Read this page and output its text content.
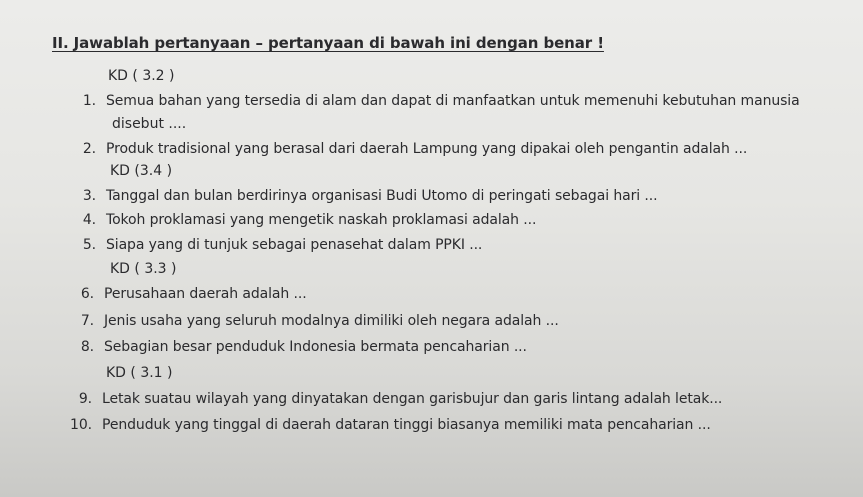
II. Jawablah pertanyaan – pertanyaan di bawah ini dengan benar !
KD ( 3.2 )
1. Semua bahan yang tersedia di alam dan dapat di manfaatkan untuk memenuhi kebutuhan manusia
disebut ....
2. Produk tradisional yang berasal dari daerah Lampung yang dipakai oleh pengantin adalah ...
KD (3.4 )
3. Tanggal dan bulan berdirinya organisasi Budi Utomo di peringati sebagai hari ...
4. Tokoh proklamasi yang mengetik naskah proklamasi adalah ...
5. Siapa yang di tunjuk sebagai penasehat dalam PPKI ...
KD ( 3.3 )
6. Perusahaan daerah adalah ...
7. Jenis usaha yang seluruh modalnya dimiliki oleh negara adalah ...
8. Sebagian besar penduduk Indonesia bermata pencaharian ...
KD ( 3.1 )
9. Letak suatau wilayah yang dinyatakan dengan garisbujur dan garis lintang adalah letak...
10. Penduduk yang tinggal di daerah dataran tinggi biasanya memiliki mata pencaharian ...
